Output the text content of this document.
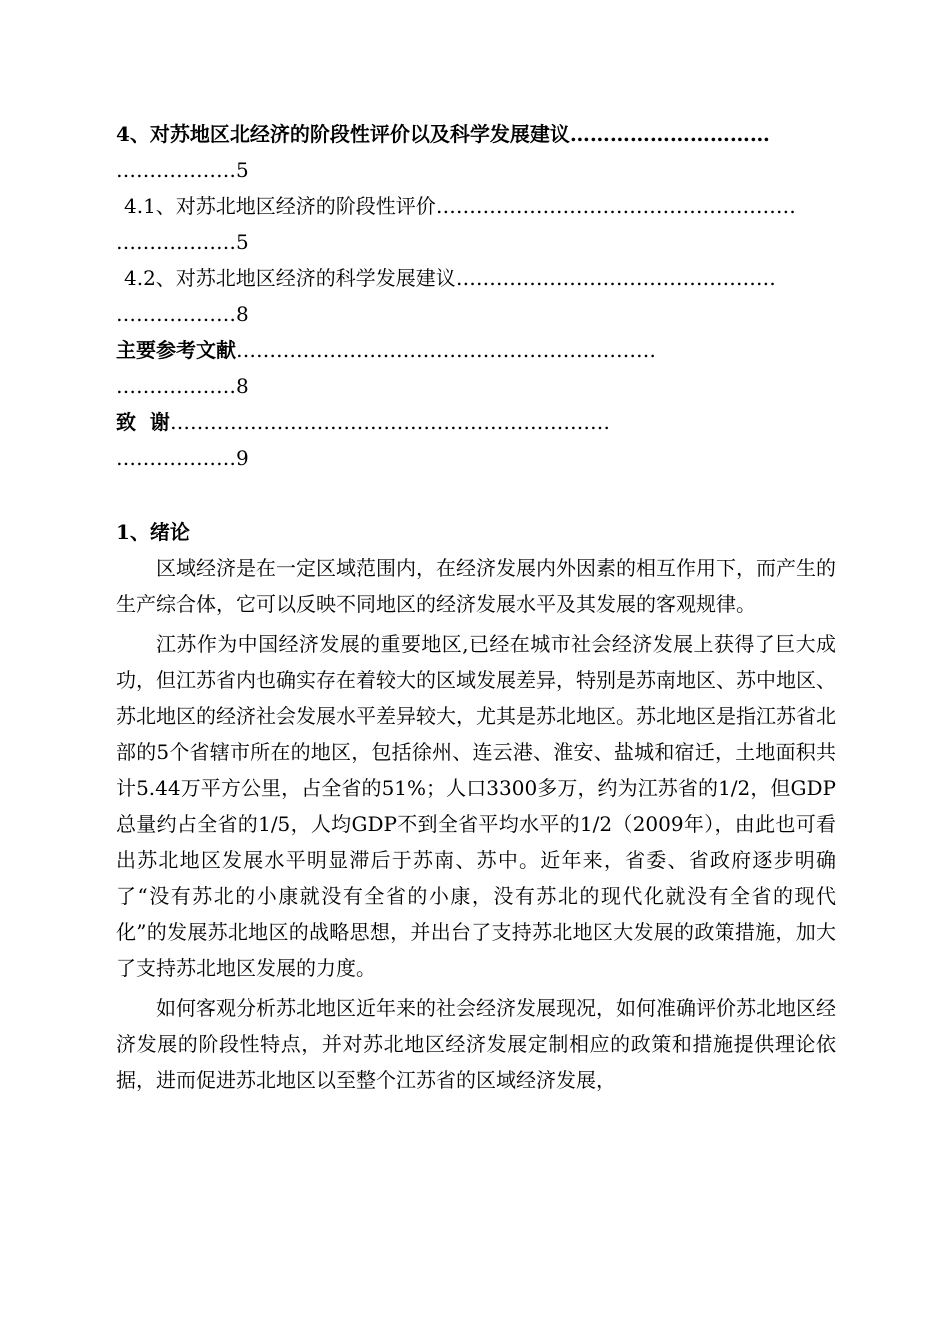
4、对苏地区北经济的阶段性评价以及科学发展建议…………………………
………………5
4.1、对苏北地区经济的阶段性评价………………………………………………
………………5
4.2、对苏北地区经济的科学发展建议…………………………………………
………………8
主要参考文献………………………………………………………
………………8
致  谢…………………………………………………………
………………9
1、绪论

区域经济是在一定区域范围内，在经济发展内外因素的相互作用下，而产生的生产综合体，它可以反映不同地区的经济发展水平及其发展的客观规律。

江苏作为中国经济发展的重要地区,已经在城市社会经济发展上获得了巨大成功，但江苏省内也确实存在着较大的区域发展差异，特别是苏南地区、苏中地区、苏北地区的经济社会发展水平差异较大，尤其是苏北地区。苏北地区是指江苏省北部的5个省辖市所在的地区，包括徐州、连云港、淮安、盐城和宿迁，土地面积共计5.44万平方公里，占全省的51%；人口3300多万，约为江苏省的1/2，但GDP总量约占全省的1/5，人均GDP不到全省平均水平的1/2（2009年），由此也可看出苏北地区发展水平明显滞后于苏南、苏中。近年来，省委、省政府逐步明确了“没有苏北的小康就没有全省的小康，没有苏北的现代化就没有全省的现代化”的发展苏北地区的战略思想，并出台了支持苏北地区大发展的政策措施，加大了支持苏北地区发展的力度。

如何客观分析苏北地区近年来的社会经济发展现况，如何准确评价苏北地区经济发展的阶段性特点，并对苏北地区经济发展定制相应的政策和措施提供理论依据，进而促进苏北地区以至整个江苏省的区域经济发展，
